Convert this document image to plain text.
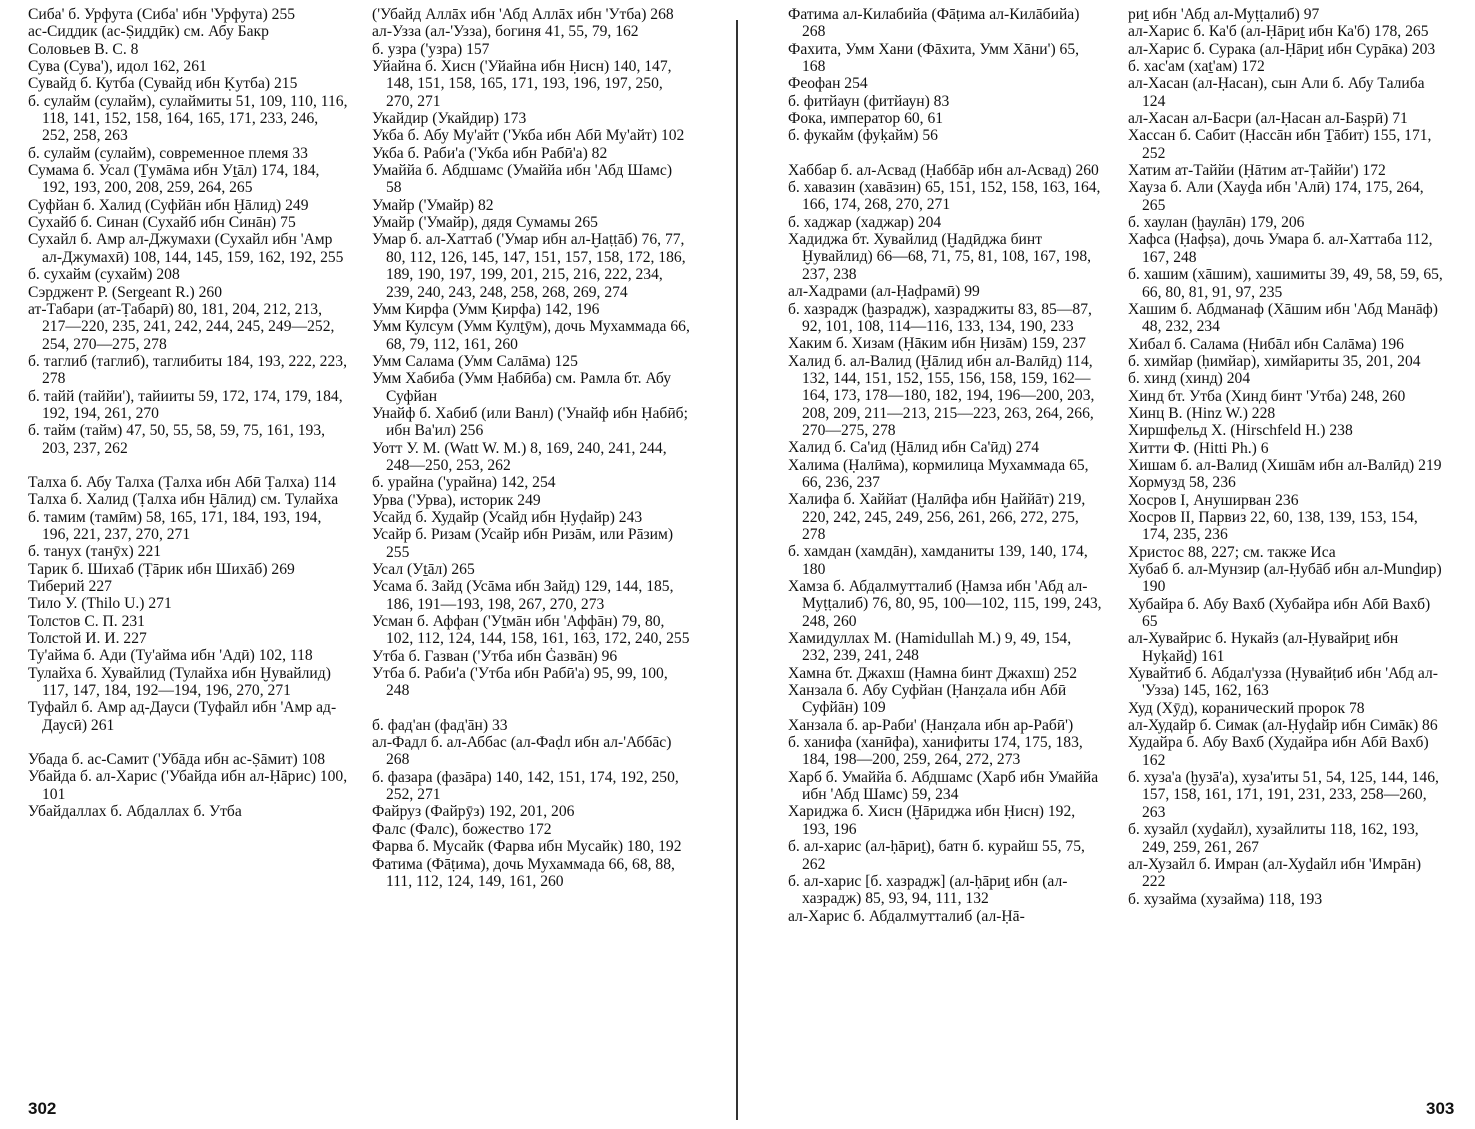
Сиба' б. Урфута (Сиба' ибн 'Урфута) 255

ас-Сиддик (ас-Ṣиддӣк) см. Абу Бакр

Соловьев В. С. 8

Сува (Сува'), идол 162, 261

Сувайд б. Кутба (Сувайд ибн Ḳутба) 215

б. сулайм (сулайм), сулаймиты 51, 109, 110, 116, 118, 141, 152, 158, 164, 165, 171, 233, 246, 252, 258, 263

б. сулайм (сулайм), современное племя 33

Сумама б. Усал (Ṯумāма ибн Уṯāл) 174, 184, 192, 193, 200, 208, 259, 264, 265

Суфйан б. Халид (Суфйāн ибн Ḫāлид) 249

Сухайб б. Синан (Сухайб ибн Синāн) 75

Сухайл б. Амр ал-Джумахи (Сухайл ибн 'Амр ал-Джумахӣ) 108, 144, 145, 159, 162, 192, 255

б. сухайм (сухайм) 208

Сэрджент Р. (Sergeant R.) 260

ат-Табари (ат-Ṭабарӣ) 80, 181, 204, 212, 213, 217—220, 235, 241, 242, 244, 245, 249—252, 254, 270—275, 278

б. таглиб (таглиб), таглибиты 184, 193, 222, 223, 278

б. тайй (таййи'), тайииты 59, 172, 174, 179, 184, 192, 194, 261, 270

б. тайм (тайм) 47, 50, 55, 58, 59, 75, 161, 193, 203, 237, 262

Талха б. Абу Талха (Ṭалха ибн Абӣ Ṭалха) 114

Талха б. Халид (Ṭалха ибн Ḫāлид) см. Тулайха

б. тамим (тамӣм) 58, 165, 171, 184, 193, 194, 196, 221, 237, 270, 271

б. танух (танӯх) 221

Тарик б. Шихаб (Ṭāрик ибн Шихāб) 269

Тиберий 227

Тило У. (Thilo U.) 271

Толстов С. П. 231

Толстой И. И. 227

Ту'айма б. Ади (Ту'айма ибн 'Адӣ) 102, 118

Тулайха б. Хувайлид (Тулайха ибн Ḫувайлид) 117, 147, 184, 192—194, 196, 270, 271

Туфайл б. Амр ад-Дауси (Туфайл ибн 'Амр ад-Даусӣ) 261

Убада б. ас-Самит ('Убāда ибн ас-Ṣāмит) 108

Убайда б. ал-Харис ('Убайда ибн ал-Ḥāрис) 100, 101

Убайдаллах б. Абдаллах б. Утба

('Убайд Аллāх ибн 'Абд Аллāх ибн 'Утба) 268

ал-Узза (ал-'Узза), богиня 41, 55, 79, 162

б. узра ('узра) 157

Уйайна б. Хисн ('Уйайна ибн Ḥисн) 140, 147, 148, 151, 158, 165, 171, 193, 196, 197, 250, 270, 271

Укайдир (Укайдир) 173

Укба б. Абу Му'айт ('Укба ибн Абӣ Му'айт) 102

Укба б. Раби'а ('Укба ибн Рабӣ'а) 82

Умаййа б. Абдшамс (Умаййа ибн 'Абд Шамс) 58

Умайр ('Умайр) 82

Умайр ('Умайр), дядя Сумамы 265

Умар б. ал-Хаттаб ('Умар ибн ал-Ḫаṭṭāб) 76, 77, 80, 112, 126, 145, 147, 151, 157, 158, 172, 186, 189, 190, 197, 199, 201, 215, 216, 222, 234, 239, 240, 243, 248, 258, 268, 269, 274

Умм Кирфа (Умм Ḳирфа) 142, 196

Умм Кулсум (Умм Кулṯӯм), дочь Мухаммада 66, 68, 79, 112, 161, 260

Умм Салама (Умм Салāма) 125

Умм Хабиба (Умм Ḥабӣба) см. Рамла бт. Абу Суфйан

Унайф б. Хабиб (или Ванл) ('Унайф ибн Ḥабӣб; ибн Ва'ил) 256

Уотт У. М. (Watt W. M.) 8, 169, 240, 241, 244, 248—250, 253, 262

б. урайна ('урайна) 142, 254

Урва ('Урва), историк 249

Усайд б. Худайр (Усайд ибн Ḥуḍайр) 243

Усайр б. Ризам (Усайр ибн Ризāм, или Рāзим) 255

Усал (Уṯāл) 265

Усама б. Зайд (Усāма ибн Зайд) 129, 144, 185, 186, 191—193, 198, 267, 270, 273

Усман б. Аффан ('Уṯмāн ибн 'Аффāн) 79, 80, 102, 112, 124, 144, 158, 161, 163, 172, 240, 255

Утба б. Газван ('Утба ибн Ġазвāн) 96

Утба б. Раби'а ('Утба ибн Рабӣ'а) 95, 99, 100, 248

б. фад'ан (фад'āн) 33

ал-Фадл б. ал-Аббас (ал-Фаḍл ибн ал-'Аббāс) 268

б. фазара (фазāра) 140, 142, 151, 174, 192, 250, 252, 271

Файруз (Файрӯз) 192, 201, 206

Фалс (Фалс), божество 172

Фарва б. Мусайк (Фарва ибн Мусайк) 180, 192

Фатима (Фāṭима), дочь Мухаммада 66, 68, 88, 111, 112, 124, 149, 161, 260

302

Фатима ал-Килабийа (Фāṭима ал-Килāбийа) 268

Фахита, Умм Хани (Фāхита, Умм Хāни') 65, 168

Феофан 254

б. фитйаун (фитйаун) 83

Фока, император 60, 61

б. фукайм (фуḳайм) 56

Хаббар б. ал-Асвад (Ḥаббāр ибн ал-Асвад) 260

б. хавазин (хавāзин) 65, 151, 152, 158, 163, 164, 166, 174, 268, 270, 271

б. хаджар (хаджар) 204

Хадиджа бт. Хувайлид (Ḫадӣджа бинт Ḫувайлид) 66—68, 71, 75, 81, 108, 167, 198, 237, 238

ал-Хадрами (ал-Ḥаḍрамӣ) 99

б. хазрадж (ḫазрадж), хазраджиты 83, 85—87, 92, 101, 108, 114—116, 133, 134, 190, 233

Хаким б. Хизам (Ḥāким ибн Ḥизāм) 159, 237

Халид б. ал-Валид (Ḫāлид ибн ал-Валӣд) 114, 132, 144, 151, 152, 155, 156, 158, 159, 162—164, 173, 178—180, 182, 194, 196—200, 203, 208, 209, 211—213, 215—223, 263, 264, 266, 270—275, 278

Халид б. Са'ид (Ḫāлид ибн Са'ӣд) 274

Халима (Ḥалӣма), кормилица Мухаммада 65, 66, 236, 237

Халифа б. Хаййат (Ḫалӣфа ибн Ḫаййāт) 219, 220, 242, 245, 249, 256, 261, 266, 272, 275, 278

б. хамдан (хамдāн), хамданиты 139, 140, 174, 180

Хамза б. Абдалмутталиб (Ḥамза ибн 'Абд ал-Муṭṭалиб) 76, 80, 95, 100—102, 115, 199, 243, 248, 260

Хамидуллах М. (Hamidullah M.) 9, 49, 154, 232, 239, 241, 248

Хамна бт. Джахш (Ḥамна бинт Джахш) 252

Ханзала б. Абу Суфйан (Ḥанẓала ибн Абӣ Суфйāн) 109

Ханзала б. ар-Раби' (Ḥанẓала ибн ар-Рабӣ')

б. ханифа (ханӣфа), ханифиты 174, 175, 183, 184, 198—200, 259, 264, 272, 273

Харб б. Умаййа б. Абдшамс (Харб ибн Умаййа ибн 'Абд Шамс) 59, 234

Хариджа б. Хисн (Ḫāриджа ибн Ḥисн) 192, 193, 196

б. ал-харис (ал-ḥāриṯ), батн б. курайш 55, 75, 262

б. ал-харис [б. хазрадж] (ал-ḥāриṯ ибн (ал-хазрадж) 85, 93, 94, 111, 132

ал-Харис б. Абдалмутталиб (ал-Ḥā-

риṯ ибн 'Абд ал-Муṭṭалиб) 97

ал-Харис б. Ка'б (ал-Ḥāриṯ ибн Ка'б) 178, 265

ал-Харис б. Сурака (ал-Ḥāриṯ ибн Сурāка) 203

б. хас'ам (хаṯ'ам) 172

ал-Хасан (ал-Ḥасан), сын Али б. Абу Талиба 124

ал-Хасан ал-Басри (ал-Ḥасан ал-Баṣрӣ) 71

Хассан б. Сабит (Ḥассāн ибн Ṯāбит) 155, 171, 252

Хатим ат-Таййи (Ḥāтим ат-Ṭаййи') 172

Хауза б. Али (Хауḏа ибн 'Алӣ) 174, 175, 264, 265

б. хаулан (ḫаулāн) 179, 206

Хафса (Ḥафṣа), дочь Умара б. ал-Хаттаба 112, 167, 248

б. хашим (хāшим), хашимиты 39, 49, 58, 59, 65, 66, 80, 81, 91, 97, 235

Хашим б. Абдманаф (Хāшим ибн 'Абд Манāф) 48, 232, 234

Хибал б. Салама (Ḥибāл ибн Салāма) 196

б. химйар (ḥимйар), химйариты 35, 201, 204

б. хинд (хинд) 204

Хинд бт. Утба (Хинд бинт 'Утба) 248, 260

Хинц В. (Hinz W.) 228

Хиршфельд Х. (Hirschfeld H.) 238

Хитти Ф. (Hitti Ph.) 6

Хишам б. ал-Валид (Хишāм ибн ал-Валӣд) 219

Хормузд 58, 236

Хосров I, Ануширван 236

Хосров II, Парвиз 22, 60, 138, 139, 153, 154, 174, 235, 236

Христос 88, 227; см. также Иса

Хубаб б. ал-Мунзир (ал-Ḥубāб ибн ал-Munḏир) 190

Хубайра б. Абу Вахб (Хубайра ибн Абӣ Вахб) 65

ал-Хувайрис б. Нукайз (ал-Ḥувайриṯ ибн Нуḳайḏ) 161

Хувайтиб б. Абдал'узза (Ḥувайṭиб ибн 'Абд ал-'Узза) 145, 162, 163

Худ (Хӯд), коранический пророк 78

ал-Худайр б. Симак (ал-Ḥуḍайр ибн Симāк) 86

Худайра б. Абу Вахб (Худайра ибн Абӣ Вахб) 162

б. хуза'а (ḫузā'а), хуза'иты 51, 54, 125, 144, 146, 157, 158, 161, 171, 191, 231, 233, 258—260, 263

б. хузайл (хуḏайл), хузайлиты 118, 162, 193, 249, 259, 261, 267

ал-Хузайл б. Имран (ал-Хуḏайл ибн 'Имрāн) 222

б. хузайма (хузайма) 118, 193

303
